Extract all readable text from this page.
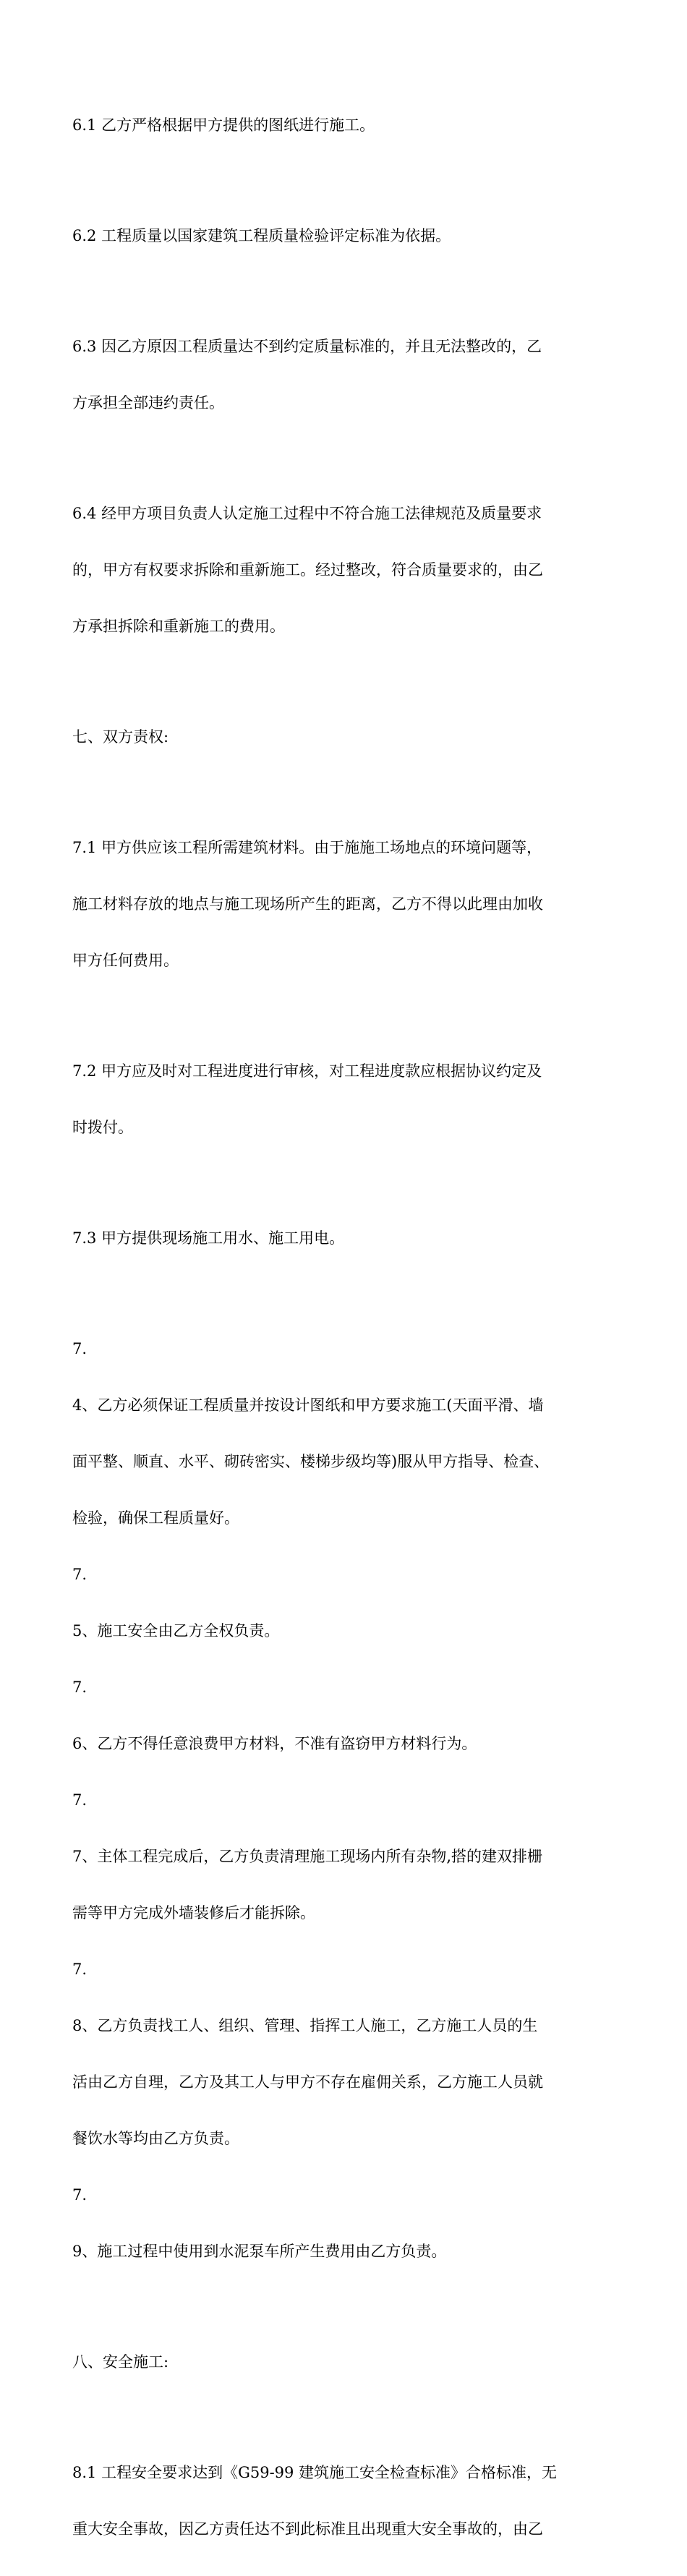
6.1 乙方严格根据甲方提供的图纸进行施工。

6.2 工程质量以国家建筑工程质量检验评定标准为依据。

6.3 因乙方原因工程质量达不到约定质量标准的，并且无法整改的，乙

方承担全部违约责任。

6.4 经甲方项目负责人认定施工过程中不符合施工法律规范及质量要求

的，甲方有权要求拆除和重新施工。经过整改，符合质量要求的，由乙

方承担拆除和重新施工的费用。

七、双方责权:

7.1 甲方供应该工程所需建筑材料。由于施施工场地点的环境问题等，

施工材料存放的地点与施工现场所产生的距离，乙方不得以此理由加收

甲方任何费用。

7.2 甲方应及时对工程进度进行审核，对工程进度款应根据协议约定及

时拨付。

7.3 甲方提供现场施工用水、施工用电。

7.

4、乙方必须保证工程质量并按设计图纸和甲方要求施工(天面平滑、墙

面平整、顺直、水平、砌砖密实、楼梯步级均等)服从甲方指导、检查、

检验，确保工程质量好。

7.

5、施工安全由乙方全权负责。

7.

6、乙方不得任意浪费甲方材料，不准有盗窃甲方材料行为。

7.

7、主体工程完成后，乙方负责清理施工现场内所有杂物,搭的建双排栅

需等甲方完成外墙装修后才能拆除。

7.

8、乙方负责找工人、组织、管理、指挥工人施工，乙方施工人员的生

活由乙方自理，乙方及其工人与甲方不存在雇佣关系，乙方施工人员就

餐饮水等均由乙方负责。

7.

9、施工过程中使用到水泥泵车所产生费用由乙方负责。

八、安全施工:

8.1 工程安全要求达到《G59-99 建筑施工安全检查标准》合格标准，无

重大安全事故，因乙方责任达不到此标准且出现重大安全事故的，由乙
